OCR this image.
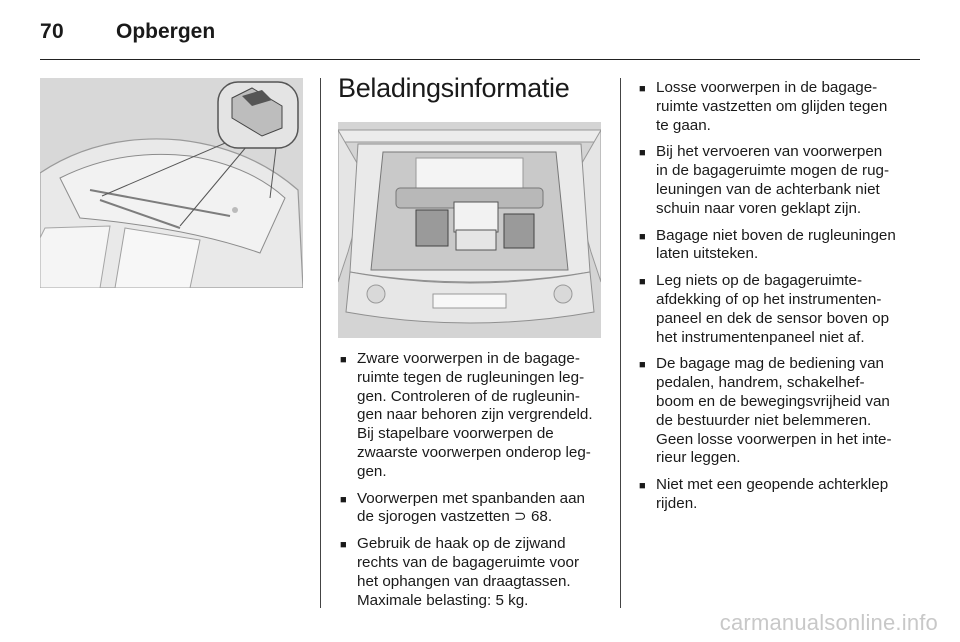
70 Opbergen
Beladingsinformatie
■ Zware voorwerpen in de bagage-
ruimte tegen de rugleuningen leg-
gen. Controleren of de rugleunin-
gen naar behoren zijn vergrendeld.
Bij stapelbare voorwerpen de
zwaarste voorwerpen onderop leg-
gen.
■ Voorwerpen met spanbanden aan
de sjorogen vastzetten ⊃ 68.
■ Gebruik de haak op de zijwand
rechts van de bagageruimte voor
het ophangen van draagtassen.
Maximale belasting: 5 kg.
■ Losse voorwerpen in de bagage-
ruimte vastzetten om glijden tegen
te gaan.
■ Bij het vervoeren van voorwerpen
in de bagageruimte mogen de rug-
leuningen van de achterbank niet
schuin naar voren geklapt zijn.
■ Bagage niet boven de rugleuningen
laten uitsteken.
■ Leg niets op de bagageruimte-
afdekking of op het instrumenten-
paneel en dek de sensor boven op
het instrumentenpaneel niet af.
■ De bagage mag de bediening van
pedalen, handrem, schakelhef-
boom en de bewegingsvrijheid van
de bestuurder niet belemmeren.
Geen losse voorwerpen in het inte-
rieur leggen.
■ Niet met een geopende achterklep
rijden.
carmanualsonline.info
